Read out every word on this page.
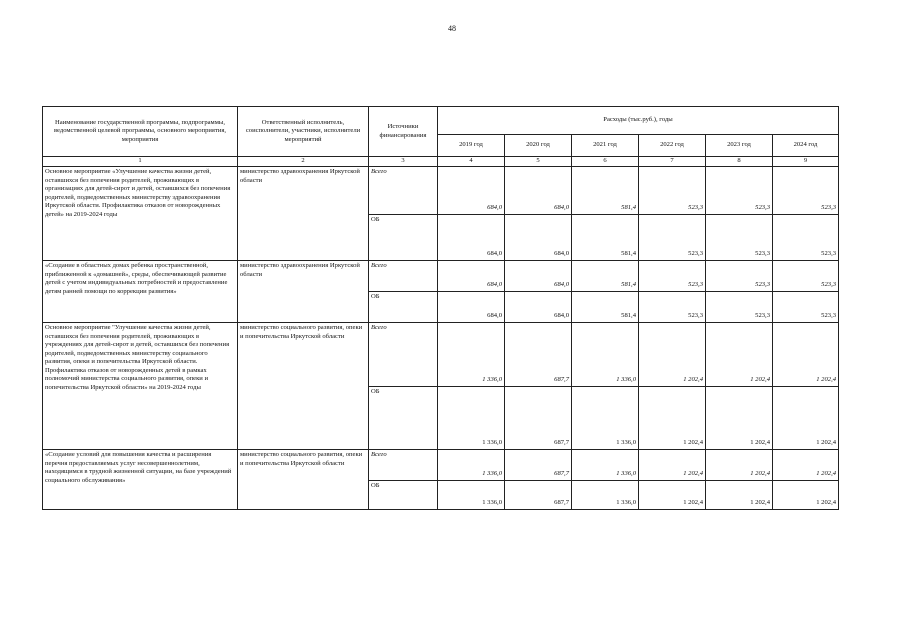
48
Наименование государственной программы, подпрограммы, ведомственной целевой программы, основного мероприятия, мероприятия	Ответственный исполнитель, соисполнители, участники, исполнители мероприятий	Источники финансирования	Расходы (тыс.руб.), годы					
			2019 год	2020 год	2021 год	2022 год	2023 год	2024 год
1	2	3	4	5	6	7	8	9
Основное мероприятие «Улучшение качества жизни детей, оставшихся без попечения родителей, проживающих в организациях для детей-сирот и детей, оставшихся без попечения родителей, подведомственных министерству здравоохранения Иркутской области. Профилактика отказов от новорожденных детей» на 2019-2024 годы	министерство здравоохранения Иркутской области	Всего	684,0	684,0	581,4	523,3	523,3	523,3
		ОБ	684,0	684,0	581,4	523,3	523,3	523,3
«Создание в областных домах ребенка пространственной, приближенной к «домашней», среды, обеспечивающей развитие детей с учетом индивидуальных потребностей и предоставление детям ранней помощи по коррекции развития»	министерство здравоохранения Иркутской области	Всего	684,0	684,0	581,4	523,3	523,3	523,3
		ОБ	684,0	684,0	581,4	523,3	523,3	523,3
Основное мероприятие "Улучшение качества жизни детей, оставшихся без попечения родителей, проживающих в учреждениях для детей-сирот и детей, оставшихся без попечения родителей, подведомственных министерству социального развития, опеки и попечительства Иркутской области. Профилактика отказов от новорожденных детей в рамках полномочий министерства социального развития, опеки и попечительства Иркутской области» на 2019-2024 годы	министерство социального развития, опеки и попечительства Иркутской области	Всего	1 336,0	687,7	1 336,0	1 202,4	1 202,4	1 202,4
		ОБ	1 336,0	687,7	1 336,0	1 202,4	1 202,4	1 202,4
«Создание условий для повышения качества и расширения перечня предоставляемых услуг несовершеннолетним, находящимся в трудной жизненной ситуации, на базе учреждений социального обслуживания»	министерство социального развития, опеки и попечительства Иркутской области	Всего	1 336,0	687,7	1 336,0	1 202,4	1 202,4	1 202,4
		ОБ	1 336,0	687,7	1 336,0	1 202,4	1 202,4	1 202,4
